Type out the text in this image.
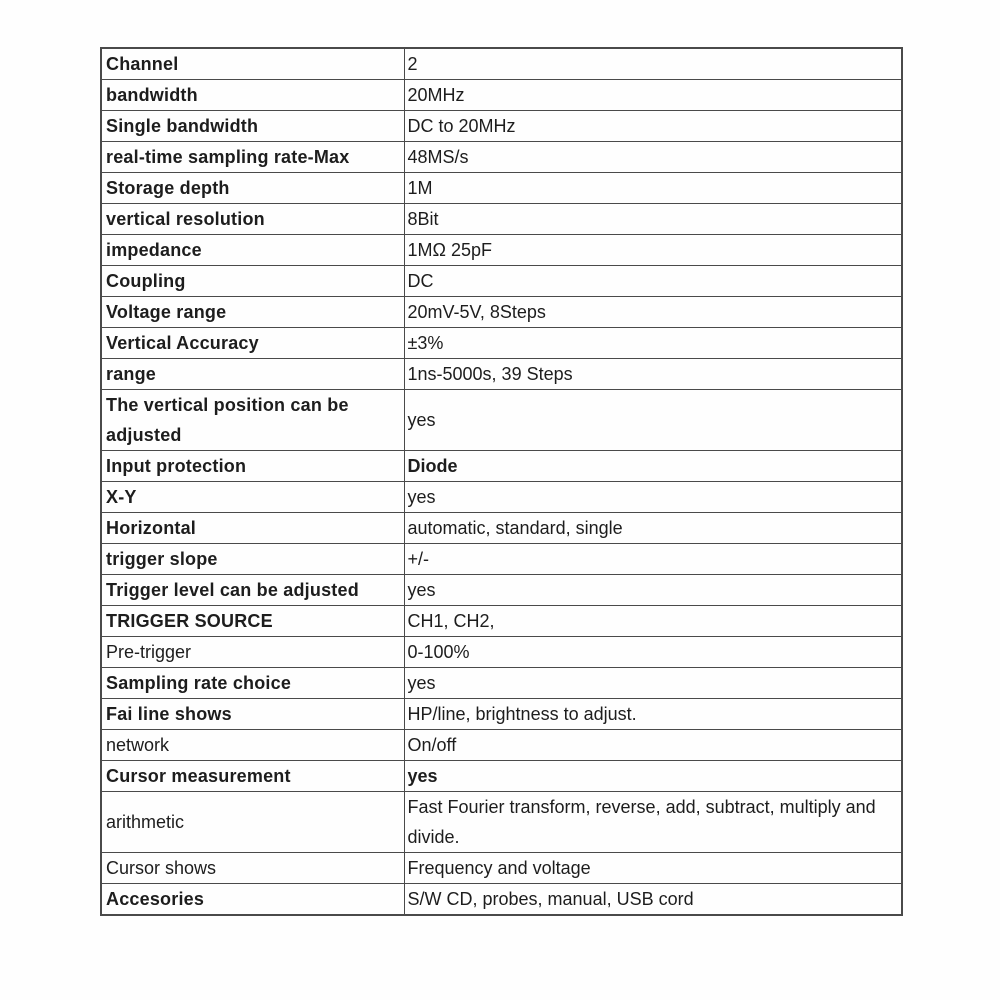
Channel	2
bandwidth	20MHz
Single bandwidth	DC to 20MHz
real-time sampling rate-Max	48MS/s
Storage depth	1M
vertical resolution	8Bit
impedance	1MΩ 25pF
Coupling	DC
Voltage range	20mV-5V, 8Steps
Vertical Accuracy	±3%
range	1ns-5000s, 39 Steps
The vertical position can be adjusted	yes
Input protection	Diode
X-Y	yes
Horizontal	automatic, standard, single
trigger slope	+/-
Trigger level can be adjusted	yes
TRIGGER SOURCE	CH1, CH2,
Pre-trigger	0-100%
Sampling rate choice	yes
Fai line shows	HP/line, brightness to adjust.
network	On/off
Cursor measurement	yes
arithmetic	Fast Fourier transform, reverse, add, subtract, multiply and divide.
Cursor shows	Frequency and voltage
Accesories	S/W CD, probes, manual, USB cord
